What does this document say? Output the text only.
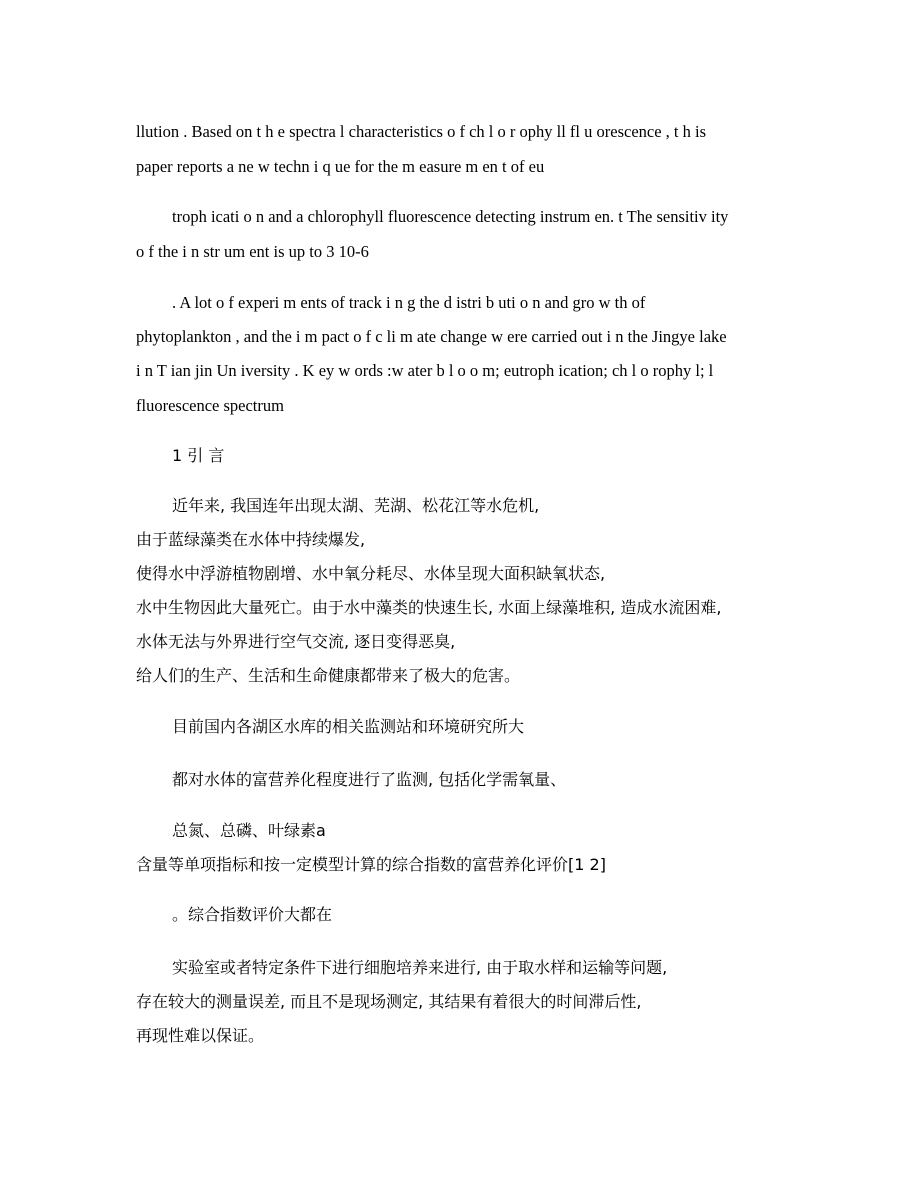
llution . Based on t h e spectra l characteristics o f ch l o r ophy ll fl u orescence , t h is
paper reports a ne w techn i q ue for the m easure m en t of eu
troph icati o n and a chlorophyll fluorescence detecting instrum en. t The sensitiv ity
o f the i n str um ent is up to 3 10-6
. A lot o f experi m ents of track i n g the d istri b uti o n and gro w th of
phytoplankton , and the i m pact o f c li m ate change w ere carried out i n the Jingye lake
i n T ian jin Un iversity . K ey w ords :w ater b l o o m; eutroph ication; ch l o rophy l; l
fluorescence spectrum
1 引 言
近年来, 我国连年出现太湖、芜湖、松花江等水危机,
由于蓝绿藻类在水体中持续爆发,
使得水中浮游植物剧增、水中氧分耗尽、水体呈现大面积缺氧状态,
水中生物因此大量死亡。由于水中藻类的快速生长, 水面上绿藻堆积, 造成水流困难,
水体无法与外界进行空气交流, 逐日变得恶臭,
给人们的生产、生活和生命健康都带来了极大的危害。
目前国内各湖区水库的相关监测站和环境研究所大
都对水体的富营养化程度进行了监测, 包括化学需氧量、
总氮、总磷、叶绿素a
含量等单项指标和按一定模型计算的综合指数的富营养化评价[1 2]
。综合指数评价大都在
实验室或者特定条件下进行细胞培养来进行, 由于取水样和运输等问题,
存在较大的测量误差, 而且不是现场测定, 其结果有着很大的时间滞后性,
再现性难以保证。
